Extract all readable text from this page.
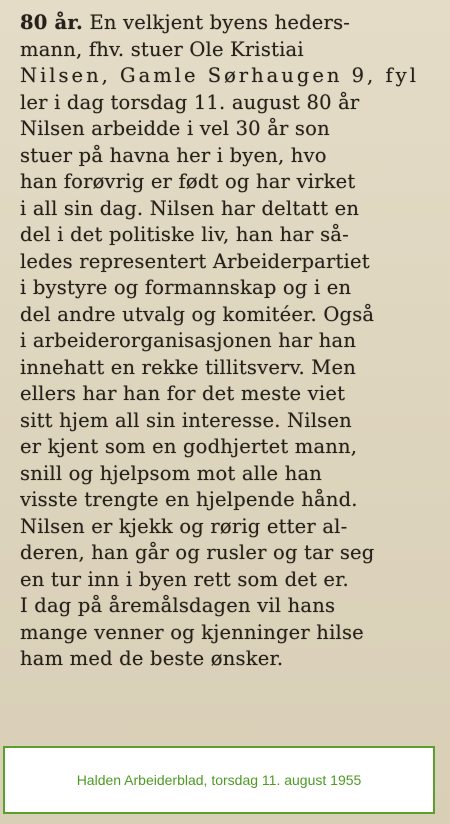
80 år. En velkjent byens heders-
mann, fhv. stuer Ole Kristiai
Nilsen, Gamle Sørhaugen 9, fyl
ler i dag torsdag 11. august 80 år
Nilsen arbeidde i vel 30 år son
stuer på havna her i byen, hvo
han forøvrig er født og har virket
i all sin dag. Nilsen har deltatt en
del i det politiske liv, han har så-
ledes representert Arbeiderpartiet
i bystyre og formannskap og i en
del andre utvalg og komitéer. Også
i arbeiderorganisasjonen har han
innehatt en rekke tillitsverv. Men
ellers har han for det meste viet
sitt hjem all sin interesse. Nilsen
er kjent som en godhjertet mann,
snill og hjelpsom mot alle han
visste trengte en hjelpende hånd.
Nilsen er kjekk og rørig etter al-
deren, han går og rusler og tar seg
en tur inn i byen rett som det er.
I dag på åremålsdagen vil hans
mange venner og kjenninger hilse
ham med de beste ønsker.
Halden Arbeiderblad, torsdag 11. august 1955
